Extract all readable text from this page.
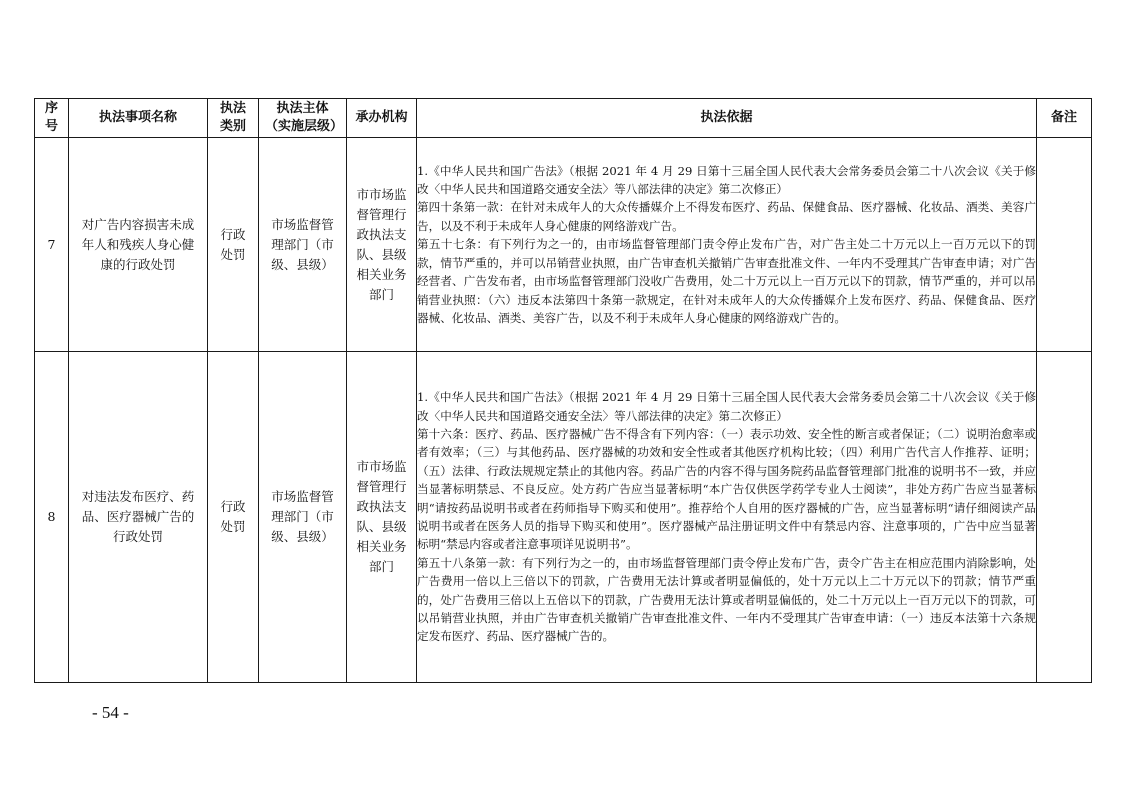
序号	执法事项名称	执法类别	执法主体（实施层级）	承办机构	执法依据	备注
7	对广告内容损害未成年人和残疾人身心健康的行政处罚	行政处罚	市场监督管理部门（市级、县级）	市市场监督管理行政执法支队、县级相关业务部门	1.《中华人民共和国广告法》（根据 2021 年 4 月 29 日第十三届全国人民代表大会常务委员会第二十八次会议《关于修改〈中华人民共和国道路交通安全法〉等八部法律的决定》第二次修正）

第四十条第一款：在针对未成年人的大众传播媒介上不得发布医疗、药品、保健食品、医疗器械、化妆品、酒类、美容广告，以及不利于未成年人身心健康的网络游戏广告。

第五十七条：有下列行为之一的，由市场监督管理部门责令停止发布广告，对广告主处二十万元以上一百万元以下的罚款，情节严重的，并可以吊销营业执照，由广告审查机关撤销广告审查批准文件、一年内不受理其广告审查申请；对广告经营者、广告发布者，由市场监督管理部门没收广告费用，处二十万元以上一百万元以下的罚款，情节严重的，并可以吊销营业执照：（六）违反本法第四十条第一款规定，在针对未成年人的大众传播媒介上发布医疗、药品、保健食品、医疗器械、化妆品、酒类、美容广告，以及不利于未成年人身心健康的网络游戏广告的。	

8	对违法发布医疗、药品、医疗器械广告的行政处罚	行政处罚	市场监督管理部门（市级、县级）	市市场监督管理行政执法支队、县级相关业务部门	1.《中华人民共和国广告法》（根据 2021 年 4 月 29 日第十三届全国人民代表大会常务委员会第二十八次会议《关于修改〈中华人民共和国道路交通安全法〉等八部法律的决定》第二次修正）

第十六条：医疗、药品、医疗器械广告不得含有下列内容：（一）表示功效、安全性的断言或者保证；（二）说明治愈率或者有效率；（三）与其他药品、医疗器械的功效和安全性或者其他医疗机构比较；（四）利用广告代言人作推荐、证明；（五）法律、行政法规规定禁止的其他内容。药品广告的内容不得与国务院药品监督管理部门批准的说明书不一致，并应当显著标明禁忌、不良反应。处方药广告应当显著标明“本广告仅供医学药学专业人士阅读”，非处方药广告应当显著标明“请按药品说明书或者在药师指导下购买和使用”。推荐给个人自用的医疗器械的广告，应当显著标明“请仔细阅读产品说明书或者在医务人员的指导下购买和使用”。医疗器械产品注册证明文件中有禁忌内容、注意事项的，广告中应当显著标明“禁忌内容或者注意事项详见说明书”。

第五十八条第一款：有下列行为之一的，由市场监督管理部门责令停止发布广告，责令广告主在相应范围内消除影响，处广告费用一倍以上三倍以下的罚款，广告费用无法计算或者明显偏低的，处十万元以上二十万元以下的罚款；情节严重的，处广告费用三倍以上五倍以下的罚款，广告费用无法计算或者明显偏低的，处二十万元以上一百万元以下的罚款，可以吊销营业执照，并由广告审查机关撤销广告审查批准文件、一年内不受理其广告审查申请：（一）违反本法第十六条规定发布医疗、药品、医疗器械广告的。	

- 54 -
